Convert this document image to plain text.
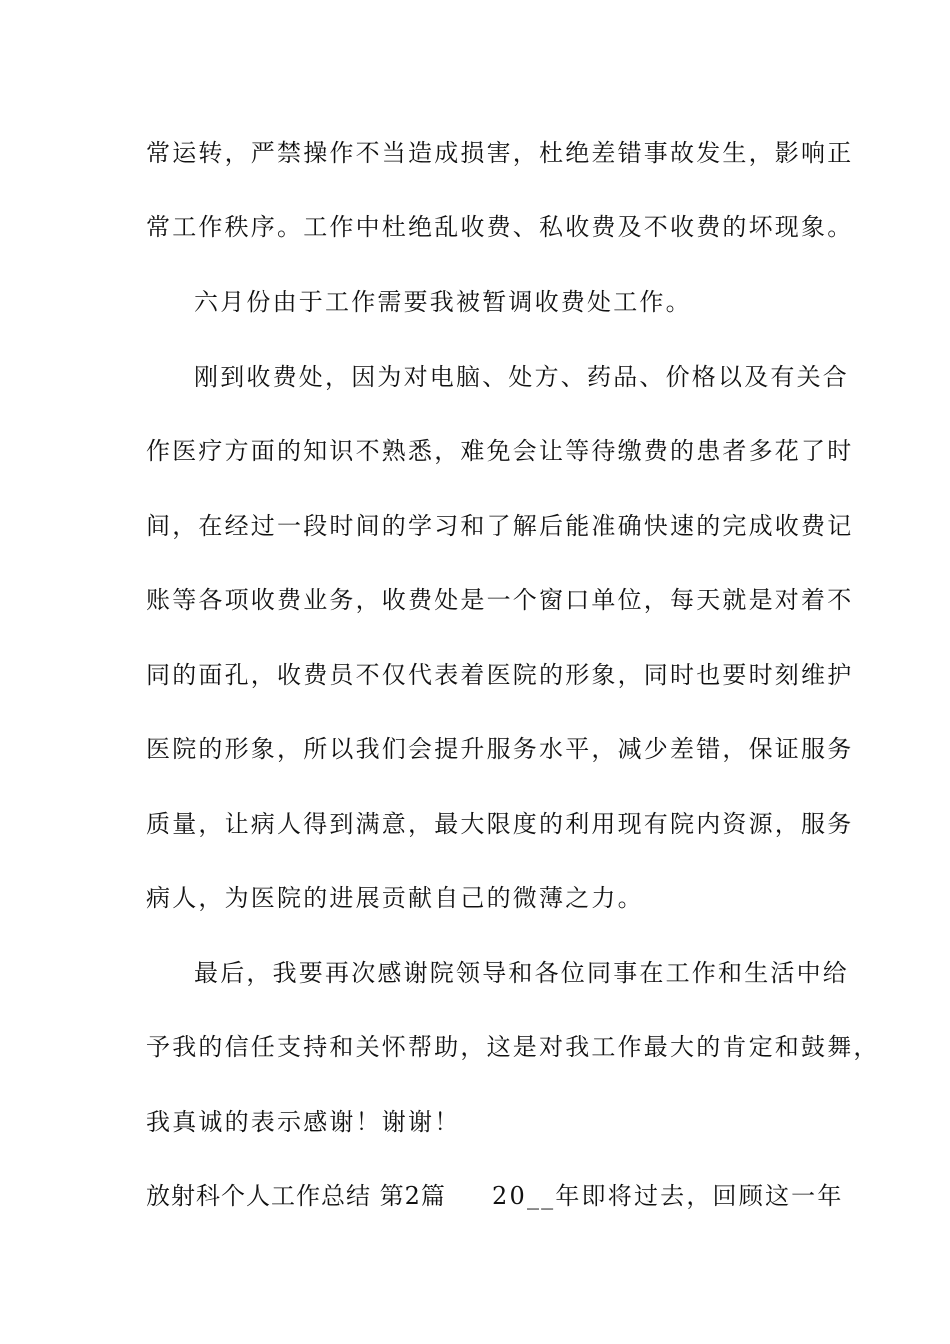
常运转，严禁操作不当造成损害，杜绝差错事故发生，影响正
常工作秩序。工作中杜绝乱收费、私收费及不收费的坏现象。
六月份由于工作需要我被暂调收费处工作。
刚到收费处，因为对电脑、处方、药品、价格以及有关合
作医疗方面的知识不熟悉，难免会让等待缴费的患者多花了时
间，在经过一段时间的学习和了解后能准确快速的完成收费记
账等各项收费业务，收费处是一个窗口单位，每天就是对着不
同的面孔，收费员不仅代表着医院的形象，同时也要时刻维护
医院的形象，所以我们会提升服务水平，减少差错，保证服务
质量，让病人得到满意，最大限度的利用现有院内资源，服务
病人，为医院的进展贡献自己的微薄之力。
最后，我要再次感谢院领导和各位同事在工作和生活中给
予我的信任支持和关怀帮助，这是对我工作最大的肯定和鼓舞，
我真诚的表示感谢！谢谢！
放射科个人工作总结 第2篇 20__年即将过去，回顾这一年
